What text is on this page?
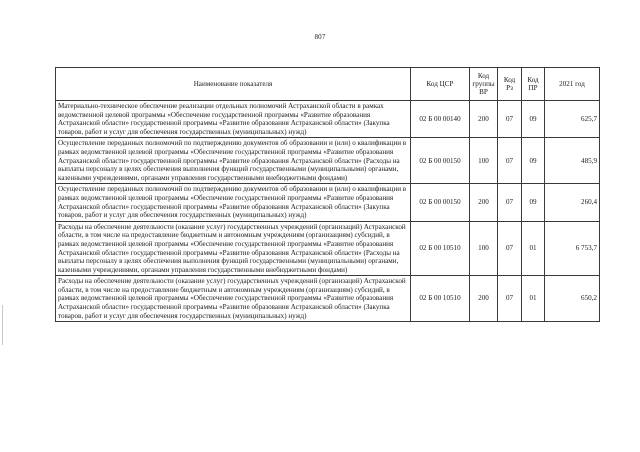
807
Наименование показателя	Код ЦСР	Код группы ВР	Код Рз	Код ПР	2021 год
Материально-техническое обеспечение реализации отдельных полномочий Астраханской области в рамках ведомственной целевой программы «Обеспечение государственной программы «Развитие образования Астраханской области» государственной программы «Развитие образования Астраханской области» (Закупка товаров, работ и услуг для обеспечения государственных (муниципальных) нужд)	02 Б 00 00140	200	07	09	625,7
Осуществление переданных полномочий по подтверждению документов об образовании и (или) о квалификации в рамках ведомственной целевой программы «Обеспечение государственной программы «Развитие образования Астраханской области» государственной программы «Развитие образования Астраханской области» (Расходы на выплаты персоналу в целях обеспечения выполнения функций государственными (муниципальными) органами, казенными учреждениями, органами управления государственными внебюджетными фондами)	02 Б 00 00150	100	07	09	485,9
Осуществление переданных полномочий по подтверждению документов об образовании и (или) о квалификации в рамках ведомственной целевой программы «Обеспечение государственной программы «Развитие образования Астраханской области» государственной программы «Развитие образования Астраханской области» (Закупка товаров, работ и услуг для обеспечения государственных (муниципальных) нужд)	02 Б 00 00150	200	07	09	260,4
Расходы на обеспечение деятельности (оказание услуг) государственных учреждений (организаций) Астраханской области, в том числе на предоставление бюджетным и автономным учреждениям (организациям) субсидий, в рамках ведомственной целевой программы «Обеспечение государственной программы «Развитие образования Астраханской области» государственной программы «Развитие образования Астраханской области» (Расходы на выплаты персоналу в целях обеспечения выполнения функций государственными (муниципальными) органами, казенными учреждениями, органами управления государственными внебюджетными фондами)	02 Б 00 10510	100	07	01	6 753,7
Расходы на обеспечение деятельности (оказание услуг) государственных учреждений (организаций) Астраханской области, в том числе на предоставление бюджетным и автономным учреждениям (организациям) субсидий, в рамках ведомственной целевой программы «Обеспечение государственной программы «Развитие образования Астраханской области» государственной программы «Развитие образования Астраханской области» (Закупка товаров, работ и услуг для обеспечения государственных (муниципальных) нужд)	02 Б 00 10510	200	07	01	650,2
